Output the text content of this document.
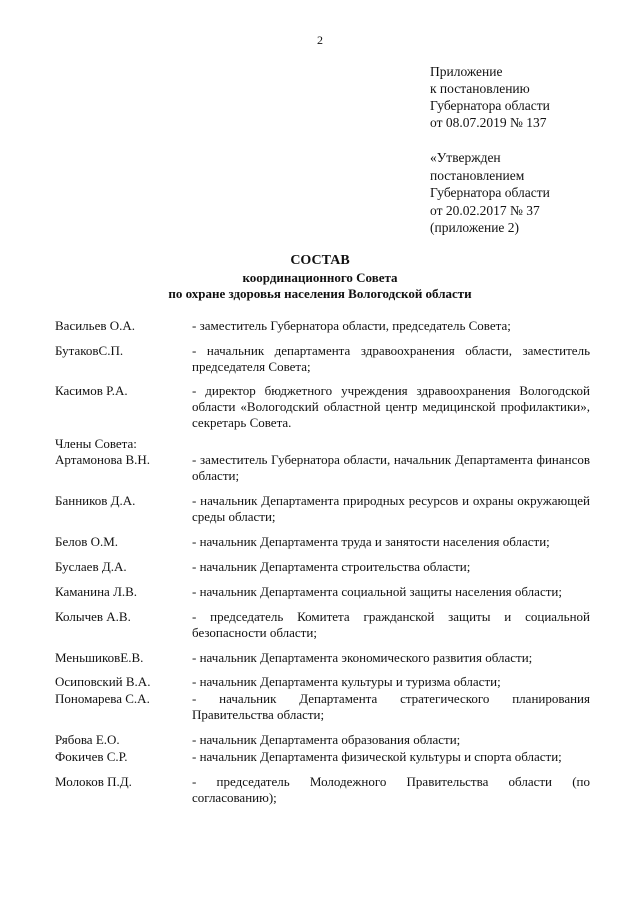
2
Приложение
к постановлению
Губернатора области
от 08.07.2019 № 137
«Утвержден
постановлением
Губернатора области
от 20.02.2017 № 37
(приложение 2)
СОСТАВ
координационного Совета
по охране здоровья населения Вологодской области
Васильев О.А.	- заместитель Губернатора области, председатель Совета;
БутаковС.П.	- начальник департамента здравоохранения области, заместитель председателя Совета;
Касимов Р.А.	- директор бюджетного учреждения здравоохранения Вологодской области «Вологодский областной центр медицинской профилактики», секретарь Совета.
Члены Совета:
Артамонова В.Н.	- заместитель Губернатора области, начальник Департамента финансов области;
Банников Д.А.	- начальник Департамента природных ресурсов и охраны окружающей среды области;
Белов О.М.	- начальник Департамента труда и занятости населения области;
Буслаев Д.А.	- начальник Департамента строительства области;
Каманина Л.В.	- начальник Департамента социальной защиты населения области;
Колычев А.В.	- председатель Комитета гражданской защиты и социальной безопасности области;
МеньшиковЕ.В.	- начальник Департамента экономического развития области;
Осиповский В.А.	- начальник Департамента культуры и туризма области;
Пономарева С.А.	- начальник Департамента стратегического планирования Правительства области;
Рябова Е.О.	- начальник Департамента образования области;
Фокичев С.Р.	- начальник Департамента физической культуры и спорта области;
Молоков П.Д.	- председатель Молодежного Правительства области (по согласованию);
